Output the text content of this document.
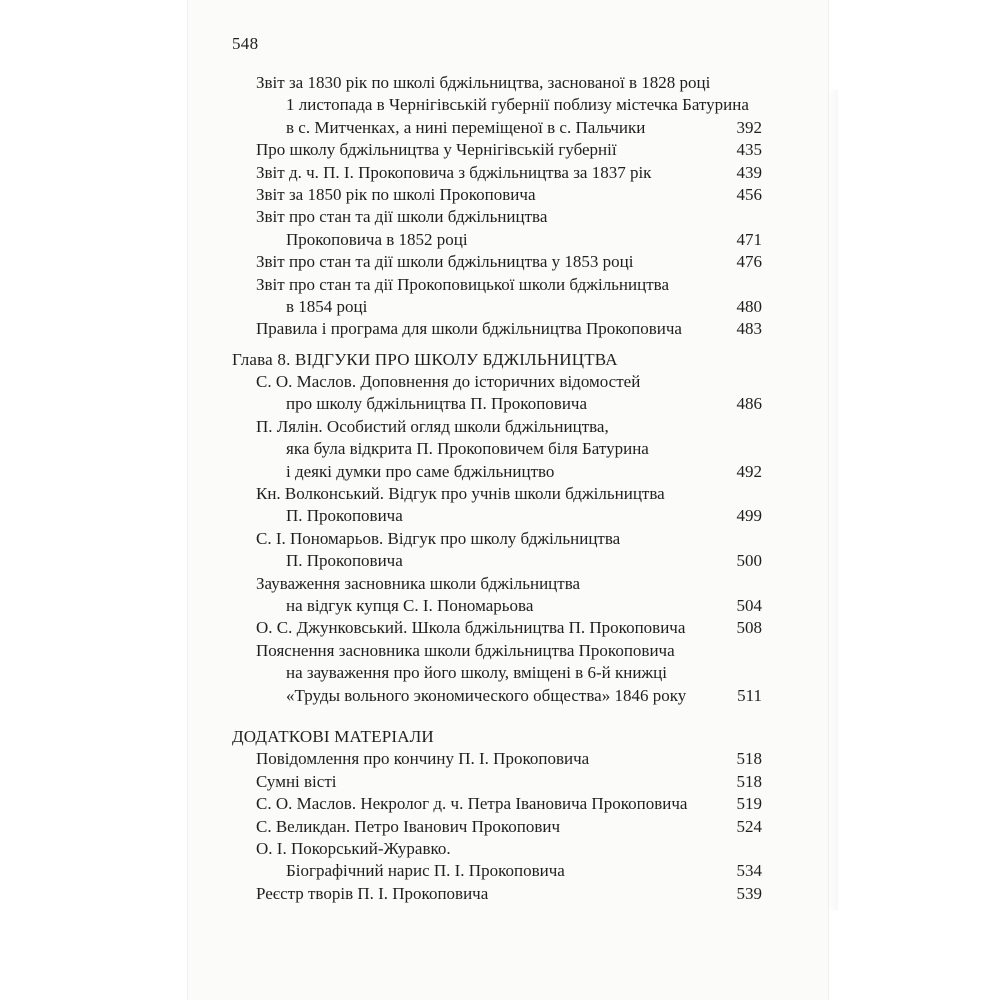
548
Звіт за 1830 рік по школі бджільництва, заснованої в 1828 році
1 листопада в Чернігівській губернії поблизу містечка Батурина
в с. Митченках, а нині переміщеної в с. Пальчики	392
Про школу бджільництва у Чернігівській губернії	435
Звіт д. ч. П. І. Прокоповича з бджільництва за 1837 рік	439
Звіт за 1850 рік по школі Прокоповича	456
Звіт про стан та дії школи бджільництва
Прокоповича в 1852 році	471
Звіт про стан та дії школи бджільництва у 1853 році	476
Звіт про стан та дії Прокоповицької школи бджільництва
в 1854 році	480
Правила і програма для школи бджільництва Прокоповича	483
Глава 8. ВІДГУКИ ПРО ШКОЛУ БДЖІЛЬНИЦТВА
С. О. Маслов. Доповнення до історичних відомостей
про школу бджільництва П. Прокоповича	486
П. Лялін. Особистий огляд школи бджільництва,
яка була відкрита П. Прокоповичем біля Батурина
і деякі думки про саме бджільництво	492
Кн. Волконський. Відгук про учнів школи бджільництва
П. Прокоповича	499
С. І. Пономарьов. Відгук про школу бджільництва
П. Прокоповича	500
Зауваження засновника школи бджільництва
на відгук купця С. І. Пономарьова	504
О. С. Джунковський. Школа бджільництва П. Прокоповича	508
Пояснення засновника школи бджільництва Прокоповича
на зауваження про його школу, вміщені в 6-й книжці
«Труды вольного экономического общества» 1846 року	511
ДОДАТКОВІ МАТЕРІАЛИ
Повідомлення про кончину П. І. Прокоповича	518
Сумні вісті	518
С. О. Маслов. Некролог д. ч. Петра Івановича Прокоповича	519
С. Великдан. Петро Іванович Прокопович	524
О. І. Покорський-Журавко.
Біографічний нарис П. І. Прокоповича	534
Реєстр творів П. І. Прокоповича	539
